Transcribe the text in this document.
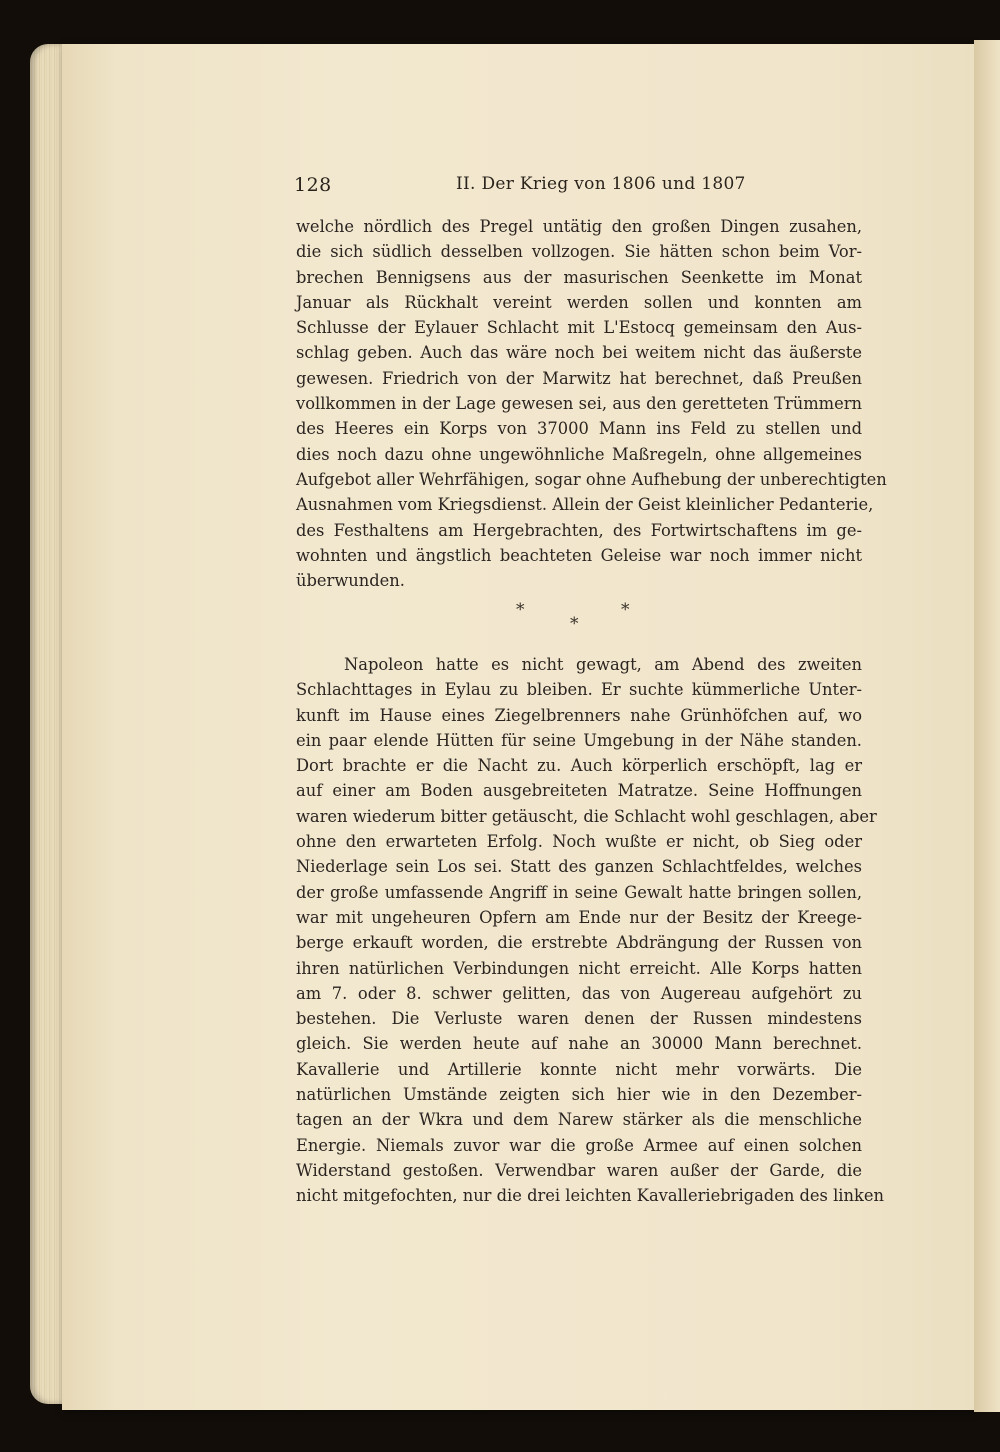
128	II. Der Krieg von 1806 und 1807
welche nördlich des Pregel untätig den großen Dingen zusahen,
die sich südlich desselben vollzogen. Sie hätten schon beim Vor-
brechen Bennigsens aus der masurischen Seenkette im Monat
Januar als Rückhalt vereint werden sollen und konnten am
Schlusse der Eylauer Schlacht mit L'Estocq gemeinsam den Aus-
schlag geben. Auch das wäre noch bei weitem nicht das äußerste
gewesen. Friedrich von der Marwitz hat berechnet, daß Preußen
vollkommen in der Lage gewesen sei, aus den geretteten Trümmern
des Heeres ein Korps von 37000 Mann ins Feld zu stellen und
dies noch dazu ohne ungewöhnliche Maßregeln, ohne allgemeines
Aufgebot aller Wehrfähigen, sogar ohne Aufhebung der unberechtigten
Ausnahmen vom Kriegsdienst. Allein der Geist kleinlicher Pedanterie,
des Festhaltens am Hergebrachten, des Fortwirtschaftens im ge-
wohnten und ängstlich beachteten Geleise war noch immer nicht
überwunden.
*	*
*
Napoleon hatte es nicht gewagt, am Abend des zweiten
Schlachttages in Eylau zu bleiben. Er suchte kümmerliche Unter-
kunft im Hause eines Ziegelbrenners nahe Grünhöfchen auf, wo
ein paar elende Hütten für seine Umgebung in der Nähe standen.
Dort brachte er die Nacht zu. Auch körperlich erschöpft, lag er
auf einer am Boden ausgebreiteten Matratze. Seine Hoffnungen
waren wiederum bitter getäuscht, die Schlacht wohl geschlagen, aber
ohne den erwarteten Erfolg. Noch wußte er nicht, ob Sieg oder
Niederlage sein Los sei. Statt des ganzen Schlachtfeldes, welches
der große umfassende Angriff in seine Gewalt hatte bringen sollen,
war mit ungeheuren Opfern am Ende nur der Besitz der Kreege-
berge erkauft worden, die erstrebte Abdrängung der Russen von
ihren natürlichen Verbindungen nicht erreicht. Alle Korps hatten
am 7. oder 8. schwer gelitten, das von Augereau aufgehört zu
bestehen. Die Verluste waren denen der Russen mindestens
gleich. Sie werden heute auf nahe an 30000 Mann berechnet.
Kavallerie und Artillerie konnte nicht mehr vorwärts. Die
natürlichen Umstände zeigten sich hier wie in den Dezember-
tagen an der Wkra und dem Narew stärker als die menschliche
Energie. Niemals zuvor war die große Armee auf einen solchen
Widerstand gestoßen. Verwendbar waren außer der Garde, die
nicht mitgefochten, nur die drei leichten Kavalleriebrigaden des linken
